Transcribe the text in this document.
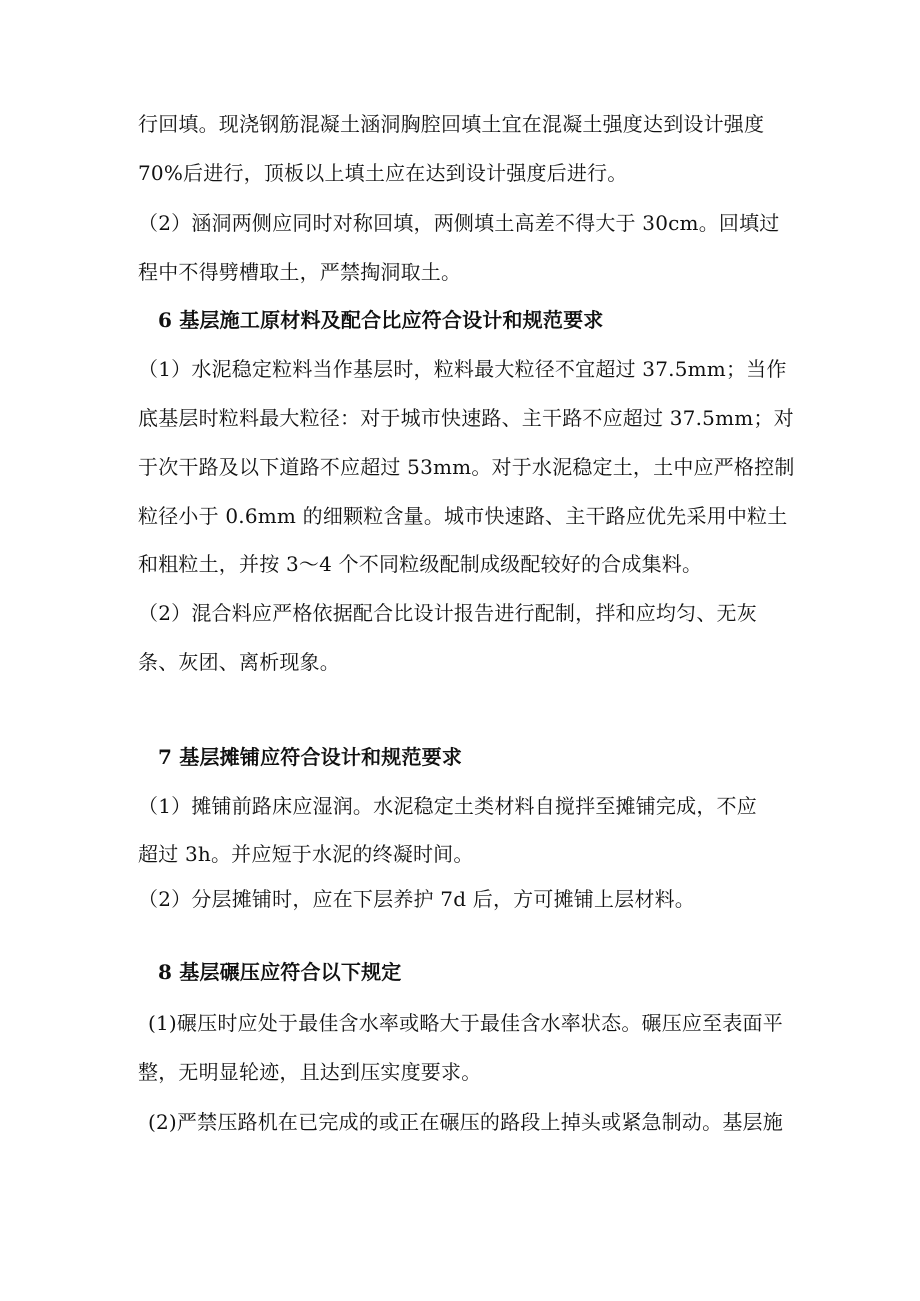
行回填。现浇钢筋混凝土涵洞胸腔回填土宜在混凝土强度达到设计强度
70%后进行，顶板以上填土应在达到设计强度后进行。
（2）涵洞两侧应同时对称回填，两侧填土高差不得大于 30cm。回填过
程中不得劈槽取土，严禁掏洞取土。
6 基层施工原材料及配合比应符合设计和规范要求
（1）水泥稳定粒料当作基层时，粒料最大粒径不宜超过 37.5mm；当作
底基层时粒料最大粒径：对于城市快速路、主干路不应超过 37.5mm；对
于次干路及以下道路不应超过 53mm。对于水泥稳定土，土中应严格控制
粒径小于 0.6mm 的细颗粒含量。城市快速路、主干路应优先采用中粒土
和粗粒土，并按 3～4 个不同粒级配制成级配较好的合成集料。
（2）混合料应严格依据配合比设计报告进行配制，拌和应均匀、无灰
条、灰团、离析现象。
7 基层摊铺应符合设计和规范要求
（1）摊铺前路床应湿润。水泥稳定土类材料自搅拌至摊铺完成，不应
超过 3h。并应短于水泥的终凝时间。
（2）分层摊铺时，应在下层养护 7d 后，方可摊铺上层材料。
8 基层碾压应符合以下规定
(1)碾压时应处于最佳含水率或略大于最佳含水率状态。碾压应至表面平
整，无明显轮迹，且达到压实度要求。
(2)严禁压路机在已完成的或正在碾压的路段上掉头或紧急制动。基层施
